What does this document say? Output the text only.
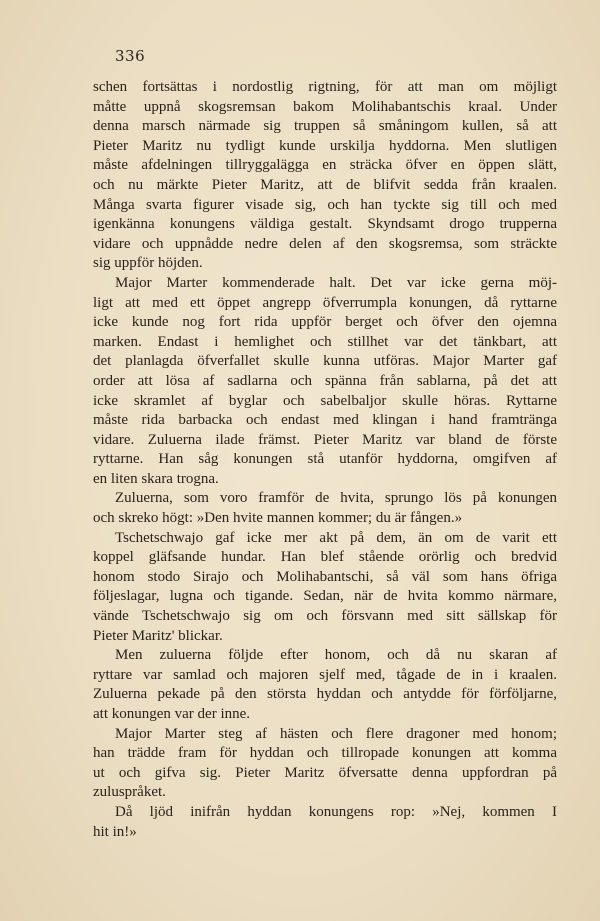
336
schen fortsättas i nordostlig rigtning, för att man om möjligt
måtte uppnå skogsremsan bakom Molihabantschis kraal. Under
denna marsch närmade sig truppen så småningom kullen, så att
Pieter Maritz nu tydligt kunde urskilja hyddorna. Men slutligen
måste afdelningen tillryggalägga en sträcka öfver en öppen slätt,
och nu märkte Pieter Maritz, att de blifvit sedda från kraalen.
Många svarta figurer visade sig, och han tyckte sig till och med
igenkänna konungens väldiga gestalt. Skyndsamt drogo trupperna
vidare och uppnådde nedre delen af den skogsremsa, som sträckte
sig uppför höjden.
Major Marter kommenderade halt. Det var icke gerna möj-
ligt att med ett öppet angrepp öfverrumpla konungen, då ryttarne
icke kunde nog fort rida uppför berget och öfver den ojemna
marken. Endast i hemlighet och stillhet var det tänkbart, att
det planlagda öfverfallet skulle kunna utföras. Major Marter gaf
order att lösa af sadlarna och spänna från sablarna, på det att
icke skramlet af byglar och sabelbaljor skulle höras. Ryttarne
måste rida barbacka och endast med klingan i hand framtränga
vidare. Zuluerna ilade främst. Pieter Maritz var bland de förste
ryttarne. Han såg konungen stå utanför hyddorna, omgifven af
en liten skara trogna.
Zuluerna, som voro framför de hvita, sprungo lös på konungen
och skreko högt: »Den hvite mannen kommer; du är fången.»
Tschetschwajo gaf icke mer akt på dem, än om de varit ett
koppel gläfsande hundar. Han blef stående orörlig och bredvid
honom stodo Sirajo och Molihabantschi, så väl som hans öfriga
följeslagar, lugna och tigande. Sedan, när de hvita kommo närmare,
vände Tschetschwajo sig om och försvann med sitt sällskap för
Pieter Maritz' blickar.
Men zuluerna följde efter honom, och då nu skaran af
ryttare var samlad och majoren sjelf med, tågade de in i kraalen.
Zuluerna pekade på den största hyddan och antydde för förföljarne,
att konungen var der inne.
Major Marter steg af hästen och flere dragoner med honom;
han trädde fram för hyddan och tillropade konungen att komma
ut och gifva sig. Pieter Maritz öfversatte denna uppfordran på
zuluspråket.
Då ljöd inifrån hyddan konungens rop: »Nej, kommen I
hit in!»
